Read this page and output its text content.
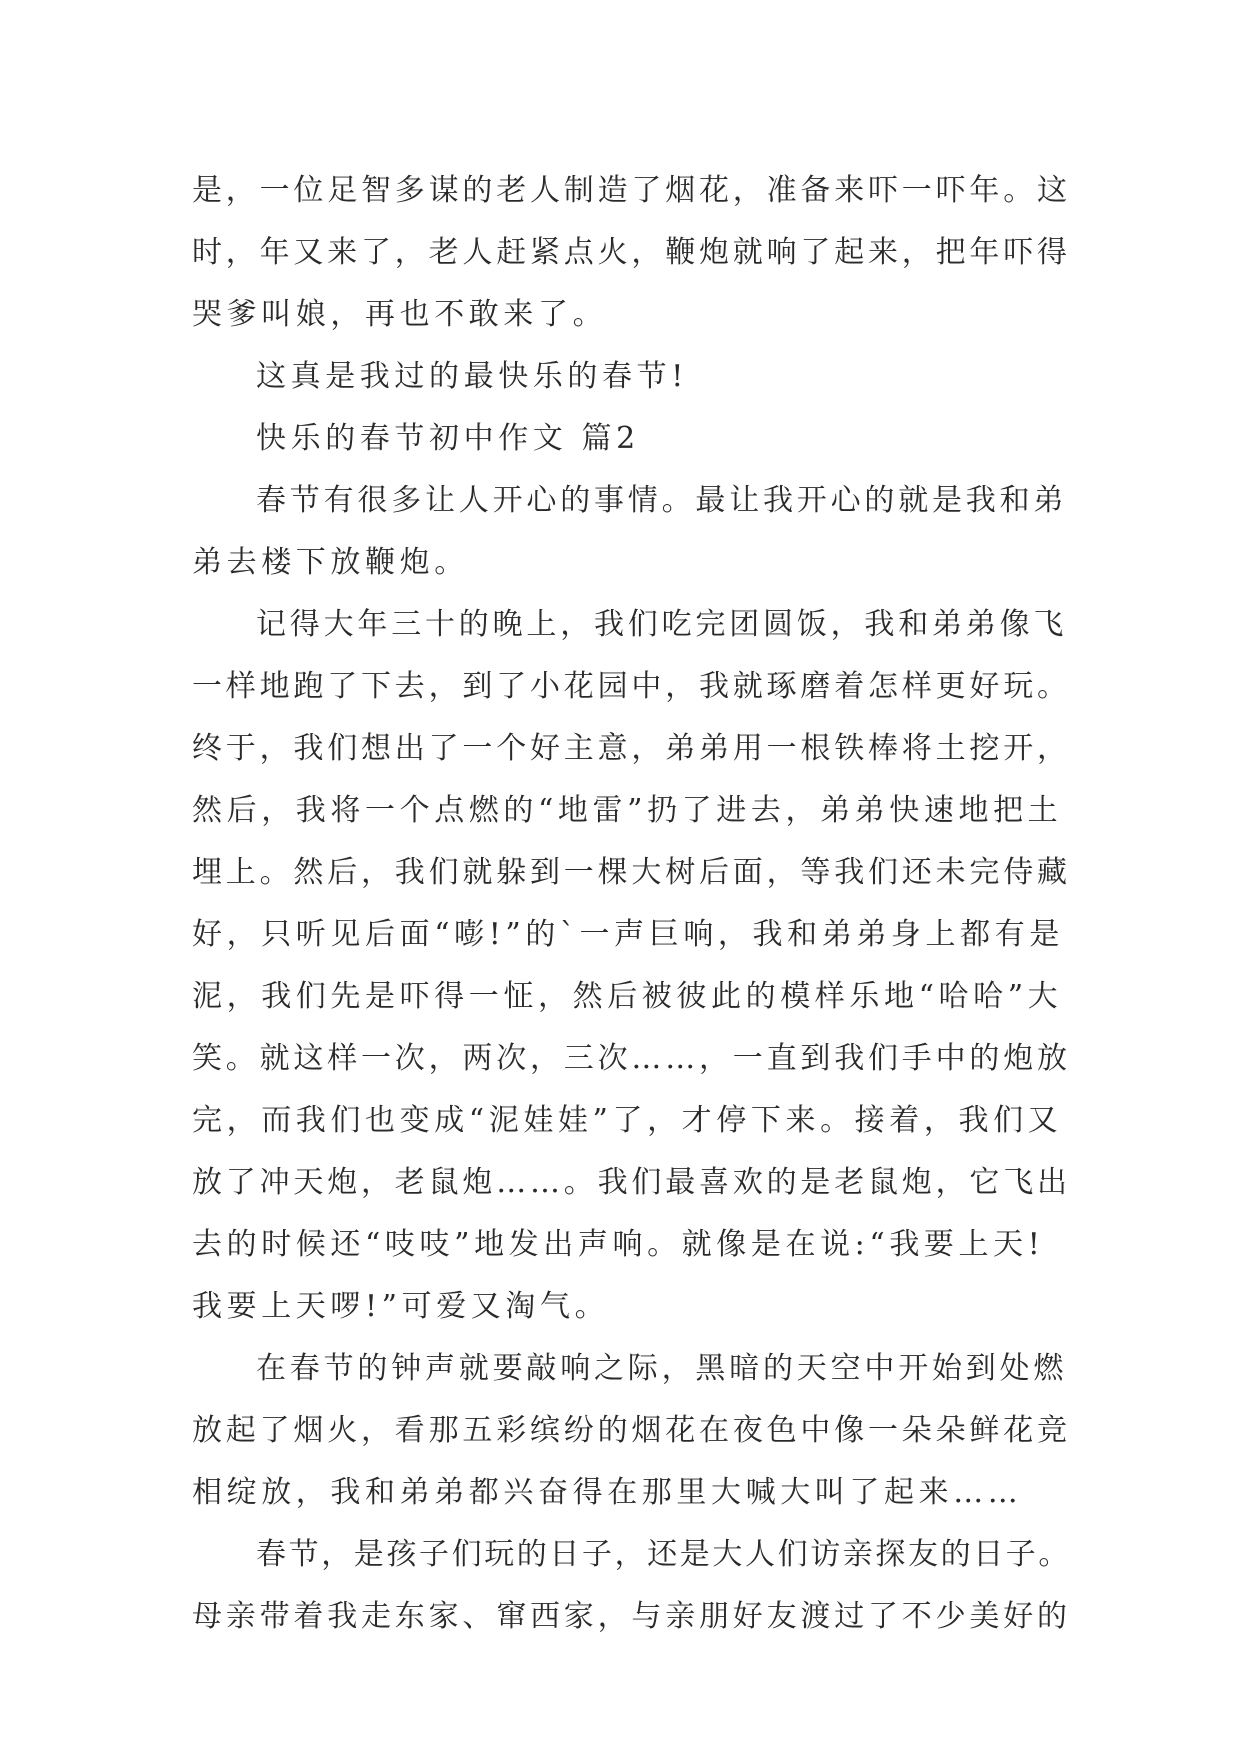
是，一位足智多谋的老人制造了烟花，准备来吓一吓年。这
时，年又来了，老人赶紧点火，鞭炮就响了起来，把年吓得
哭爹叫娘，再也不敢来了。
这真是我过的最快乐的春节!
快乐的春节初中作文 篇2
春节有很多让人开心的事情。最让我开心的就是我和弟
弟去楼下放鞭炮。
记得大年三十的晚上，我们吃完团圆饭，我和弟弟像飞
一样地跑了下去，到了小花园中，我就琢磨着怎样更好玩。
终于，我们想出了一个好主意，弟弟用一根铁棒将土挖开，
然后，我将一个点燃的“地雷”扔了进去，弟弟快速地把土
埋上。然后，我们就躲到一棵大树后面，等我们还未完侍藏
好，只听见后面“嘭!”的`一声巨响，我和弟弟身上都有是
泥，我们先是吓得一怔，然后被彼此的模样乐地“哈哈”大
笑。就这样一次，两次，三次……，一直到我们手中的炮放
完，而我们也变成“泥娃娃”了，才停下来。接着，我们又
放了冲天炮，老鼠炮……。我们最喜欢的是老鼠炮，它飞出
去的时候还“吱吱”地发出声响。就像是在说:“我要上天!
我要上天啰!”可爱又淘气。
在春节的钟声就要敲响之际，黑暗的天空中开始到处燃
放起了烟火，看那五彩缤纷的烟花在夜色中像一朵朵鲜花竞
相绽放，我和弟弟都兴奋得在那里大喊大叫了起来……
春节，是孩子们玩的日子，还是大人们访亲探友的日子。
母亲带着我走东家、窜西家，与亲朋好友渡过了不少美好的
